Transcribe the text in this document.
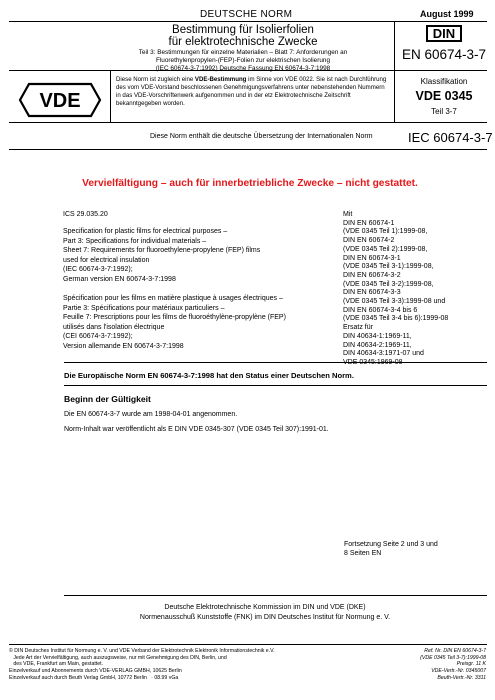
DEUTSCHE NORM	August 1999
Bestimmung für Isolierfolien
für elektrotechnische Zwecke
Teil 3: Bestimmungen für einzelne Materialien – Blatt 7: Anforderungen an
Fluorethylenpropylen-(FEP)-Folien zur elektrischen Isolierung
(IEC 60674-3-7:1992) Deutsche Fassung EN 60674-3-7:1998
DIN
EN 60674-3-7
VDE
Diese Norm ist zugleich eine VDE-Bestimmung im Sinne von VDE 0022. Sie ist nach Durchführung des vom VDE-Vorstand beschlossenen Genehmigungsverfahrens unter nebenstehenden Nummern in das VDE-Vorschriftenwerk aufgenommen und in der etz Elektrotechnische Zeitschrift bekanntgegeben worden.
Klassifikation
VDE 0345
Teil 3-7
Diese Norm enthält die deutsche Übersetzung der Internationalen Norm	IEC 60674-3-7
Vervielfältigung – auch für innerbetriebliche Zwecke – nicht gestattet.
ICS 29.035.20
Specification for plastic films for electrical purposes –
Part 3: Specifications for individual materials –
Sheet 7: Requirements for fluoroethylene-propylene (FEP) films
used for electrical insulation
(IEC 60674-3-7:1992);
German version EN 60674-3-7:1998
Spécification pour les films en matière plastique à usages électriques –
Partie 3: Spécifications pour matériaux particuliers –
Feuille 7: Prescriptions pour les films de fluoroéthylène-propylène (FEP)
utilisés dans l'isolation électrique
(CEI 60674-3-7:1992);
Version allemande EN 60674-3-7:1998
Mit
DIN EN 60674-1
(VDE 0345 Teil 1):1999-08,
DIN EN 60674-2
(VDE 0345 Teil 2):1999-08,
DIN EN 60674-3-1
(VDE 0345 Teil 3-1):1999-08,
DIN EN 60674-3-2
(VDE 0345 Teil 3-2):1999-08,
DIN EN 60674-3-3
(VDE 0345 Teil 3-3):1999-08 und
DIN EN 60674-3-4 bis 6
(VDE 0345 Teil 3-4 bis 6):1999-08
Ersatz für
DIN 40634-1:1969-11,
DIN 40634-2:1969-11,
DIN 40634-3:1971-07 und
VDE 0345:1969-08
Die Europäische Norm EN 60674-3-7:1998 hat den Status einer Deutschen Norm.
Beginn der Gültigkeit
Die EN 60674-3-7 wurde am 1998-04-01 angenommen.
Norm-Inhalt war veröffentlicht als E DIN VDE 0345-307 (VDE 0345 Teil 307):1991-01.
Fortsetzung Seite 2 und 3 und
8 Seiten EN
Deutsche Elektrotechnische Kommission im DIN und VDE (DKE)
Normenausschuß Kunststoffe (FNK) im DIN Deutsches Institut für Normung e. V.
© DIN Deutsches Institut für Normung e. V. und VDE Verband der Elektrotechnik Elektronik Informationstechnik e.V.
Jede Art der Vervielfältigung, auch auszugsweise, nur mit Genehmigung des DIN, Berlin, und
des VDE, Frankfurt am Main, gestattet.
Einzelverkauf und Abonnements durch VDE-VERLAG GMBH, 10625 Berlin
Einzelverkauf auch durch Beuth Verlag GmbH, 10772 Berlin   · 08.99 vGa
Ref. Nr. DIN EN 60674-3-7
(VDE 0345 Teil 3-7):1999-08
Preisgr. 11 K
VDE-Vertr.-Nr. 0345007
Beuth-Vertr.-Nr. 3311
